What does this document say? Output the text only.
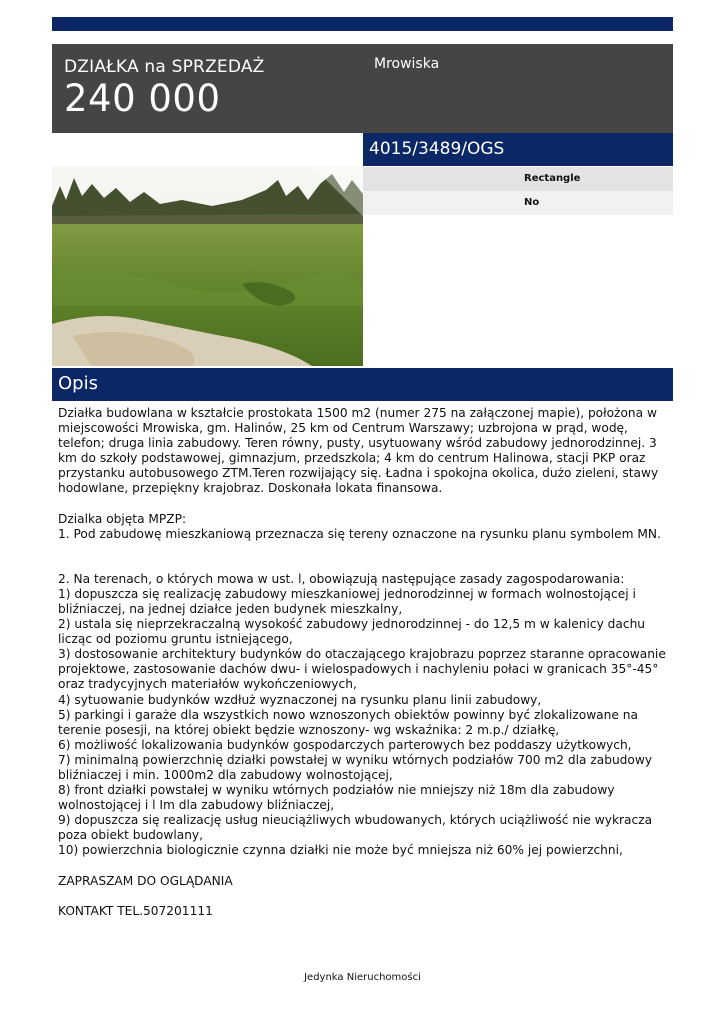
DZIAŁKA na SPRZEDAŻ
240 000
Mrowiska
4015/3489/OGS
Rectangle
No
Opis

Działka budowlana w kształcie prostokata 1500 m2 (numer 275 na załączonej mapie), położona w miejscowości Mrowiska, gm. Halinów, 25 km od Centrum Warszawy; uzbrojona w prąd, wodę, telefon; druga linia zabudowy. Teren równy, pusty, usytuowany wśród zabudowy jednorodzinnej. 3 km do szkoły podstawowej, gimnazjum, przedszkola; 4 km do centrum Halinowa, stacji PKP oraz przystanku autobusowego ZTM.Teren rozwijający się. Ładna i spokojna okolica, dużo zieleni, stawy hodowlane, przepiękny krajobraz. Doskonała lokata finansowa.

Dzialka objęta MPZP:
1. Pod zabudowę mieszkaniową przeznacza się tereny oznaczone na rysunku planu symbolem MN.

2. Na terenach, o których mowa w ust. l, obowiązują następujące zasady zagospodarowania:
1) dopuszcza się realizację zabudowy mieszkaniowej jednorodzinnej w formach wolnostojącej i bliźniaczej, na jednej działce jeden budynek mieszkalny,
2) ustala się nieprzekraczalną wysokość zabudowy jednorodzinnej - do 12,5 m w kalenicy dachu licząc od poziomu gruntu istniejącego,
3) dostosowanie architektury budynków do otaczającego krajobrazu poprzez staranne opracowanie projektowe, zastosowanie dachów dwu- i wielospadowych i nachyleniu połaci w granicach 35°-45° oraz tradycyjnych materiałów wykończeniowych,
4) sytuowanie budynków wzdłuż wyznaczonej na rysunku planu linii zabudowy,
5) parkingi i garaże dla wszystkich nowo wznoszonych obiektów powinny być zlokalizowane na terenie posesji, na której obiekt będzie wznoszony- wg wskaźnika: 2 m.p./ działkę,
6) możliwość lokalizowania budynków gospodarczych parterowych bez poddaszy użytkowych,
7) minimalną powierzchnię działki powstałej w wyniku wtórnych podziałów 700 m2 dla zabudowy bliźniaczej i min. 1000m2 dla zabudowy wolnostojącej,
8) front działki powstałej w wyniku wtórnych podziałów nie mniejszy niż 18m dla zabudowy wolnostojącej i l Im dla zabudowy bliźniaczej,
9) dopuszcza się realizację usług nieuciążliwych wbudowanych, których uciążliwość nie wykracza poza obiekt budowlany,
10) powierzchnia biologicznie czynna działki nie może być mniejsza niż 60% jej powierzchni,

ZAPRASZAM DO OGLĄDANIA

KONTAKT TEL.507201111

Jedynka Nieruchomości
